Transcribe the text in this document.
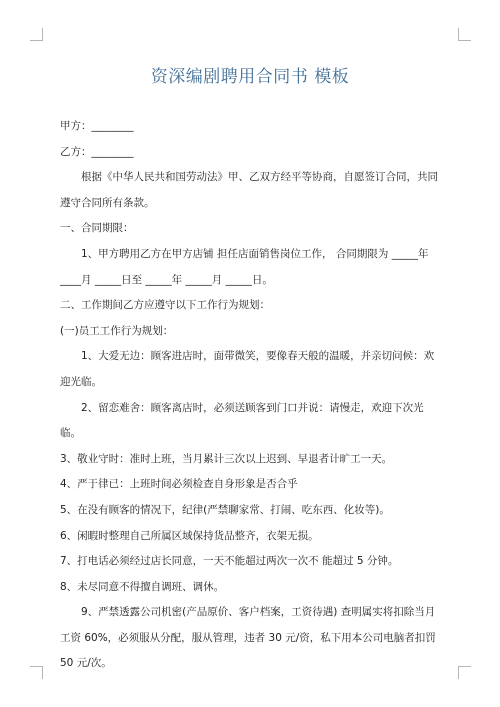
资深编剧聘用合同书 模板

甲方：________

乙方：________

根据《中华人民共和国劳动法》甲、乙双方经平等协商，自愿签订合同，共同遵守合同所有条款。

一、合同期限：

1、甲方聘用乙方在甲方店铺 担任店面销售岗位工作， 合同期限为 _____年 ____月 _____日至 _____年 _____月 _____日。

二、工作期间乙方应遵守以下工作行为规划：

(一)员工工作行为规划：

1、大爱无边：顾客进店时，面带微笑，要像春天般的温暖，并亲切问候：欢迎光临。

2、留恋难舍：顾客离店时，必须送顾客到门口并说：请慢走，欢迎下次光临。

3、敬业守时：准时上班，当月累计三次以上迟到、早退者计旷工一天。

4、严于律已：上班时间必须检查自身形象是否合乎

5、在没有顾客的情况下，纪律(严禁聊家常、打闹、吃东西、化妆等)。

6、闲暇时整理自己所属区域保持货品整齐，衣架无损。

7、打电话必须经过店长同意，一天不能超过两次一次不 能超过 5 分钟。

8、未尽同意不得擅自调班、调休。

9、严禁透露公司机密(产品原价、客户档案，工资待遇) 查明属实将扣除当月工资 60%，必须服从分配，服从管理，违者 30 元/资，私下用本公司电脑者扣罚 50 元/次。
